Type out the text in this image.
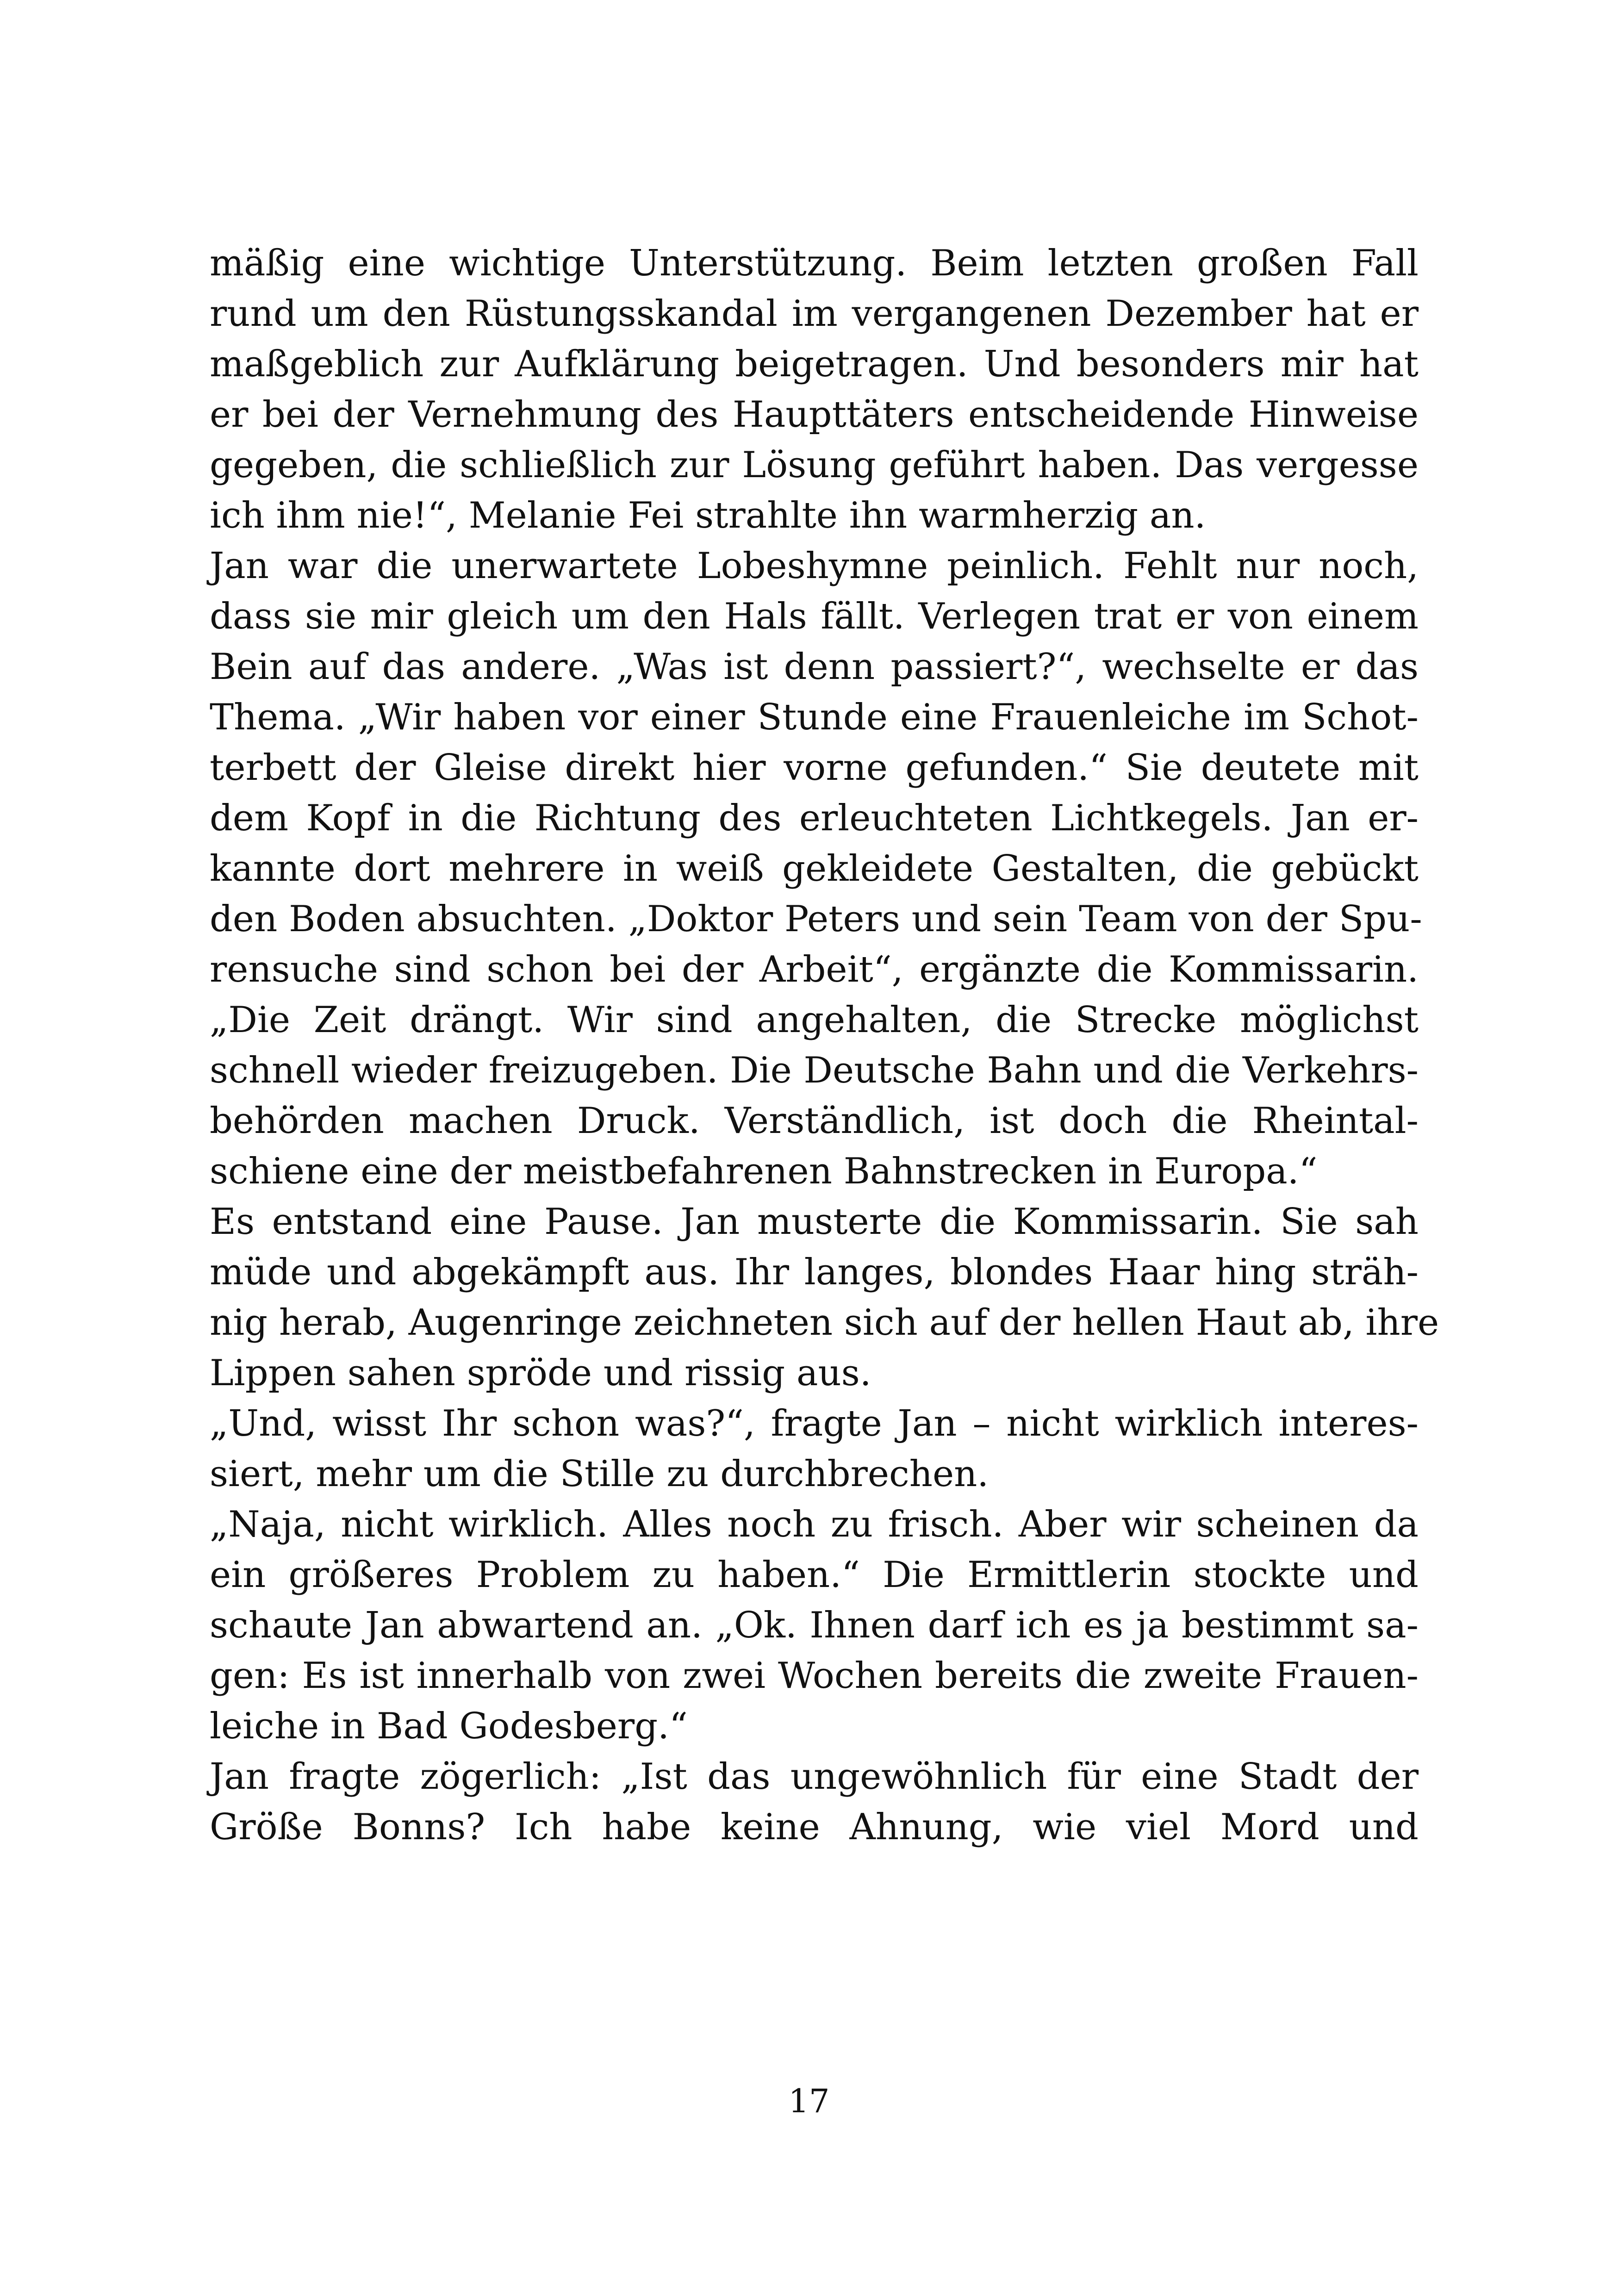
mäßig eine wichtige Unterstützung. Beim letzten großen Fall
rund um den Rüstungsskandal im vergangenen Dezember hat er
maßgeblich zur Aufklärung beigetragen. Und besonders mir hat
er bei der Vernehmung des Haupttäters entscheidende Hinweise
gegeben, die schließlich zur Lösung geführt haben. Das vergesse
ich ihm nie!“, Melanie Fei strahlte ihn warmherzig an.
Jan war die unerwartete Lobeshymne peinlich. Fehlt nur noch,
dass sie mir gleich um den Hals fällt. Verlegen trat er von einem
Bein auf das andere. „Was ist denn passiert?“, wechselte er das
Thema. „Wir haben vor einer Stunde eine Frauenleiche im Schot-
terbett der Gleise direkt hier vorne gefunden.“ Sie deutete mit
dem Kopf in die Richtung des erleuchteten Lichtkegels. Jan er-
kannte dort mehrere in weiß gekleidete Gestalten, die gebückt
den Boden absuchten. „Doktor Peters und sein Team von der Spu-
rensuche sind schon bei der Arbeit“, ergänzte die Kommissarin.
„Die Zeit drängt. Wir sind angehalten, die Strecke möglichst
schnell wieder freizugeben. Die Deutsche Bahn und die Verkehrs-
behörden machen Druck. Verständlich, ist doch die Rheintal-
schiene eine der meistbefahrenen Bahnstrecken in Europa.“
Es entstand eine Pause. Jan musterte die Kommissarin. Sie sah
müde und abgekämpft aus. Ihr langes, blondes Haar hing sträh-
nig herab, Augenringe zeichneten sich auf der hellen Haut ab, ihre
Lippen sahen spröde und rissig aus.
„Und, wisst Ihr schon was?“, fragte Jan – nicht wirklich interes-
siert, mehr um die Stille zu durchbrechen.
„Naja, nicht wirklich. Alles noch zu frisch. Aber wir scheinen da
ein größeres Problem zu haben.“ Die Ermittlerin stockte und
schaute Jan abwartend an. „Ok. Ihnen darf ich es ja bestimmt sa-
gen: Es ist innerhalb von zwei Wochen bereits die zweite Frauen-
leiche in Bad Godesberg.“
Jan fragte zögerlich: „Ist das ungewöhnlich für eine Stadt der
Größe Bonns? Ich habe keine Ahnung, wie viel Mord und
17
